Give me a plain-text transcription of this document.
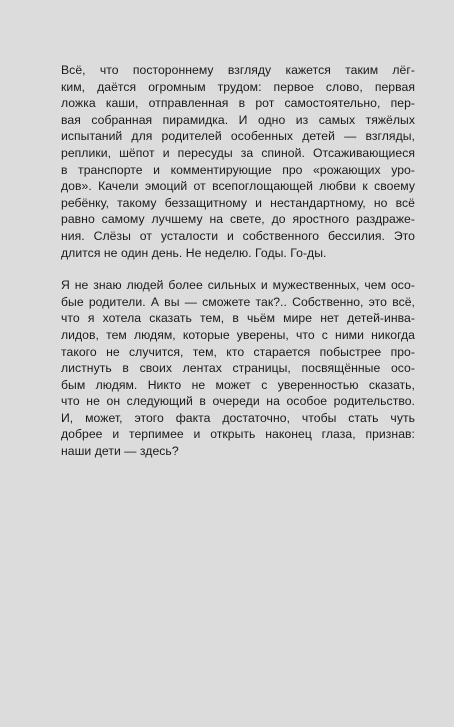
Всё, что постороннему взгляду кажется таким лёг-
ким, даётся огромным трудом: первое слово, первая
ложка каши, отправленная в рот самостоятельно, пер-
вая собранная пирамидка. И одно из самых тяжёлых
испытаний для родителей особенных детей — взгляды,
реплики, шёпот и пересуды за спиной. Отсаживающиеся
в транспорте и комментирующие про «рожающих уро-
дов». Качели эмоций от всепоглощающей любви к своему
ребёнку, такому беззащитному и нестандартному, но всё
равно самому лучшему на свете, до яростного раздраже-
ния. Слёзы от усталости и собственного бессилия. Это
длится не один день. Не неделю. Годы. Го-ды.

Я не знаю людей более сильных и мужественных, чем осо-
бые родители. А вы — сможете так?.. Собственно, это всё,
что я хотела сказать тем, в чьём мире нет детей-инва-
лидов, тем людям, которые уверены, что с ними никогда
такого не случится, тем, кто старается побыстрее про-
листнуть в своих лентах страницы, посвящённые осо-
бым людям. Никто не может с уверенностью сказать,
что не он следующий в очереди на особое родительство.
И, может, этого факта достаточно, чтобы стать чуть
добрее и терпимее и открыть наконец глаза, признав:
наши дети — здесь?
